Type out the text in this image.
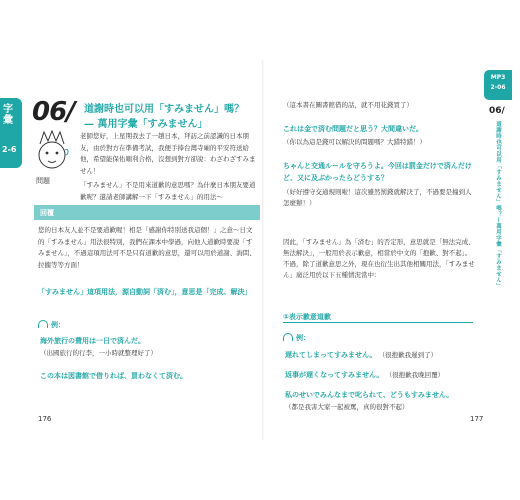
字彙
2-6
06/ 道謝時也可以用「すみません」嗎？
— 萬用字彙「すみません」
問題

老師您好，上星期我去了一趟日本，拜訪之前認識的日本朋友，由於對方在準備考試，我便手捧台灣寺廟的平安符送給他，希望能保佑順利合格，沒想到對方卻說：わざわざすみません！

「すみません」不是用來道歉的意思嗎？為什麼日本朋友要道歉呢？還請老師講解一下「すみません」的用法～

回覆
您的日本友人並不是要道歉喔！相是「感謝你特別送我這個！」之意～日文的「すみません」用法很特別，我們在課本中學過，向他人道歉時要說「すみません」，不過這項用法可不是只有道歉的意思，還可以用於道謝、詢問、拉攏等等方面！
「すみません」這項用法，源自動詞「済む」，意思是「完成、解決」
例：
海外旅行の費用は一日で済んだ。
（出國旅行的行李，一小時就整理好了）
この本は図書館で借りれば、買わなくて済む。
176
MP3
2-06
06/
道謝時也可以用「すみません」嗎？—萬用字彙「すみません」
（這本書在圖書館借的話，就不用花錢買了）
これは金で済む問題だと思う？大間違いだ。
（你以為這是錢可以解決的問題嗎？大錯特錯！）
ちゃんと交通ルールを守ろうよ。今回は罰金だけで済んだけど、又に及ぶかったらどうする？
（好好遵守交通規則啦！這次雖然罰錢就解決了，不過要是撞到人怎麼辦！）
因此，「すみません」為「済む」的否定形，意思就是「無法完成、無法解決」，一般用於表示歉意，相當於中文的「抱歉、對不起」。不過，除了道歉意思之外，現在也衍生出其他相關用法，「すみません」廣泛用於以下五種情況當中：
①表示歉意道歉
例：
遅れてしまってすみません。 （很抱歉我遲到了）
返事が遅くなってすみません。 （很抱歉我晚回覆）
私のせいでみんなまで叱られて、どうもすみません。
（都是我害大家一起被罵，真的很對不起）
177
